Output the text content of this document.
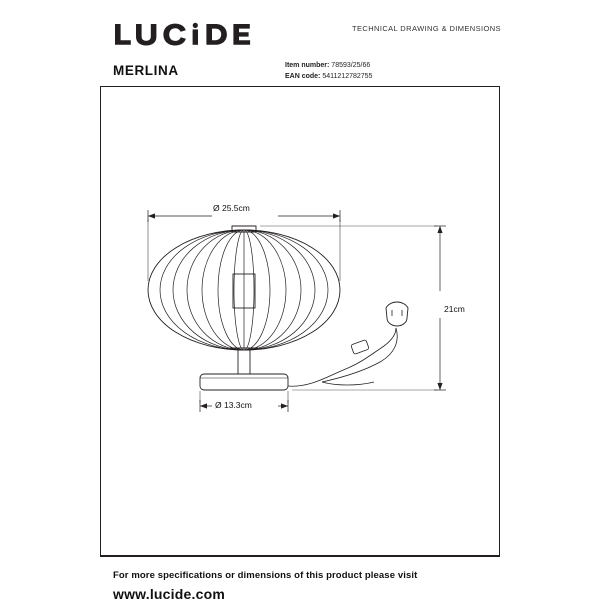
TECHNICAL DRAWING & DIMENSIONS
MERLINA	Item number: 78593/25/66
EAN code: 5411212782755
Ø 25.5cm
Ø 13.3cm
21cm
For more specifications or dimensions of this product please visit
www.lucide.com
